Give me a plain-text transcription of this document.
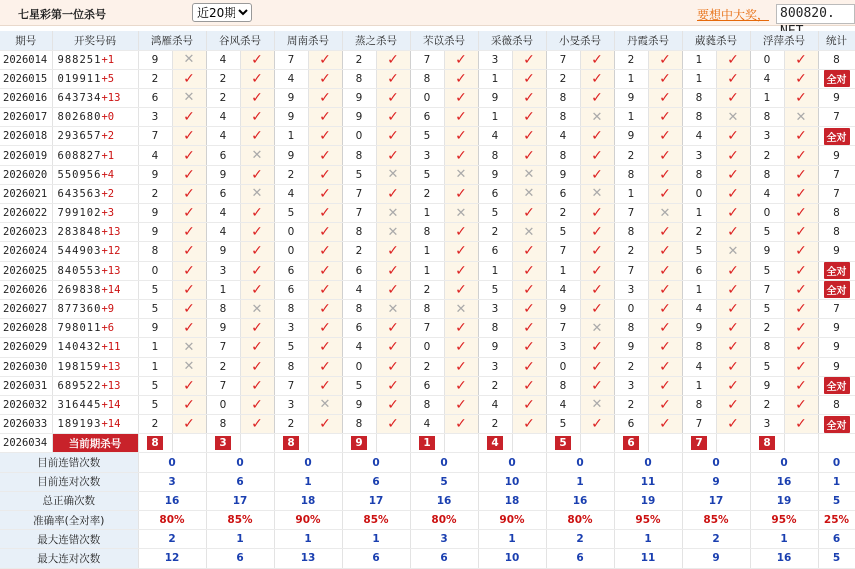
七星彩第一位杀号
近20期	要想中大奖， 800820.
期号	开奖号码	鸿雁杀号		谷风杀号		周南杀号		蒸之杀号		芣苡杀号		采薇杀号		小旻杀号		丹霞杀号		葳蕤杀号		浮萍杀号		统计
2026014	988251+1	9	✕	4	✓	7	✓	2	✓	7	✓	3	✓	7	✓	2	✓	1	✓	0	✓	8
2026015	019911+5	2	✓	2	✓	4	✓	8	✓	8	✓	1	✓	2	✓	1	✓	1	✓	4	✓	全对
2026016	643734+13	6	✕	2	✓	9	✓	9	✓	0	✓	9	✓	8	✓	9	✓	8	✓	1	✓	9
2026017	802680+0	3	✓	4	✓	9	✓	9	✓	6	✓	1	✓	8	✕	1	✓	8	✕	8	✕	7
2026018	293657+2	7	✓	4	✓	1	✓	0	✓	5	✓	4	✓	4	✓	9	✓	4	✓	3	✓	全对
2026019	608827+1	4	✓	6	✕	9	✓	8	✓	3	✓	8	✓	8	✓	2	✓	3	✓	2	✓	9
2026020	550956+4	9	✓	9	✓	2	✓	5	✕	5	✕	9	✕	9	✓	8	✓	8	✓	8	✓	7
2026021	643563+2	2	✓	6	✕	4	✓	7	✓	2	✓	6	✕	6	✕	1	✓	0	✓	4	✓	7
2026022	799102+3	9	✓	4	✓	5	✓	7	✕	1	✕	5	✓	2	✓	7	✕	1	✓	0	✓	8
2026023	283848+13	9	✓	4	✓	0	✓	8	✕	8	✓	2	✕	5	✓	8	✓	2	✓	5	✓	8
2026024	544903+12	8	✓	9	✓	0	✓	2	✓	1	✓	6	✓	7	✓	2	✓	5	✕	9	✓	9
2026025	840553+13	0	✓	3	✓	6	✓	6	✓	1	✓	1	✓	1	✓	7	✓	6	✓	5	✓	全对
2026026	269838+14	5	✓	1	✓	6	✓	4	✓	2	✓	5	✓	4	✓	3	✓	1	✓	7	✓	全对
2026027	877360+9	5	✓	8	✕	8	✓	8	✕	8	✕	3	✓	9	✓	0	✓	4	✓	5	✓	7
2026028	798011+6	9	✓	9	✓	3	✓	6	✓	7	✓	8	✓	7	✕	8	✓	9	✓	2	✓	9
2026029	140432+11	1	✕	7	✓	5	✓	4	✓	0	✓	9	✓	3	✓	9	✓	8	✓	8	✓	9
2026030	198159+13	1	✕	2	✓	8	✓	0	✓	2	✓	3	✓	0	✓	2	✓	4	✓	5	✓	9
2026031	689522+13	5	✓	7	✓	7	✓	5	✓	6	✓	2	✓	8	✓	3	✓	1	✓	9	✓	全对
2026032	316445+14	5	✓	0	✓	3	✕	9	✓	8	✓	4	✓	4	✕	2	✓	8	✓	2	✓	8
2026033	189193+14	2	✓	8	✓	2	✓	8	✓	4	✓	2	✓	5	✓	6	✓	7	✓	3	✓	全对
2026034	当前期杀号	8		3		8		9		1		4		5		6		7		8		
目前连错次数		0		0		0		0		0		0		0		0		0		0		0
目前连对次数		3		6		1		6		5		10		1		11		9		16		1
总正确次数		16		17		18		17		16		18		16		19		17		19		5
准确率(全对率)		80%		85%		90%		85%		80%		90%		80%		95%		85%		95%		25%
最大连错次数		2		1		1		1		3		1		2		1		2		1		6
最大连对次数		12		6		13		6		6		10		6		11		9		16		5
